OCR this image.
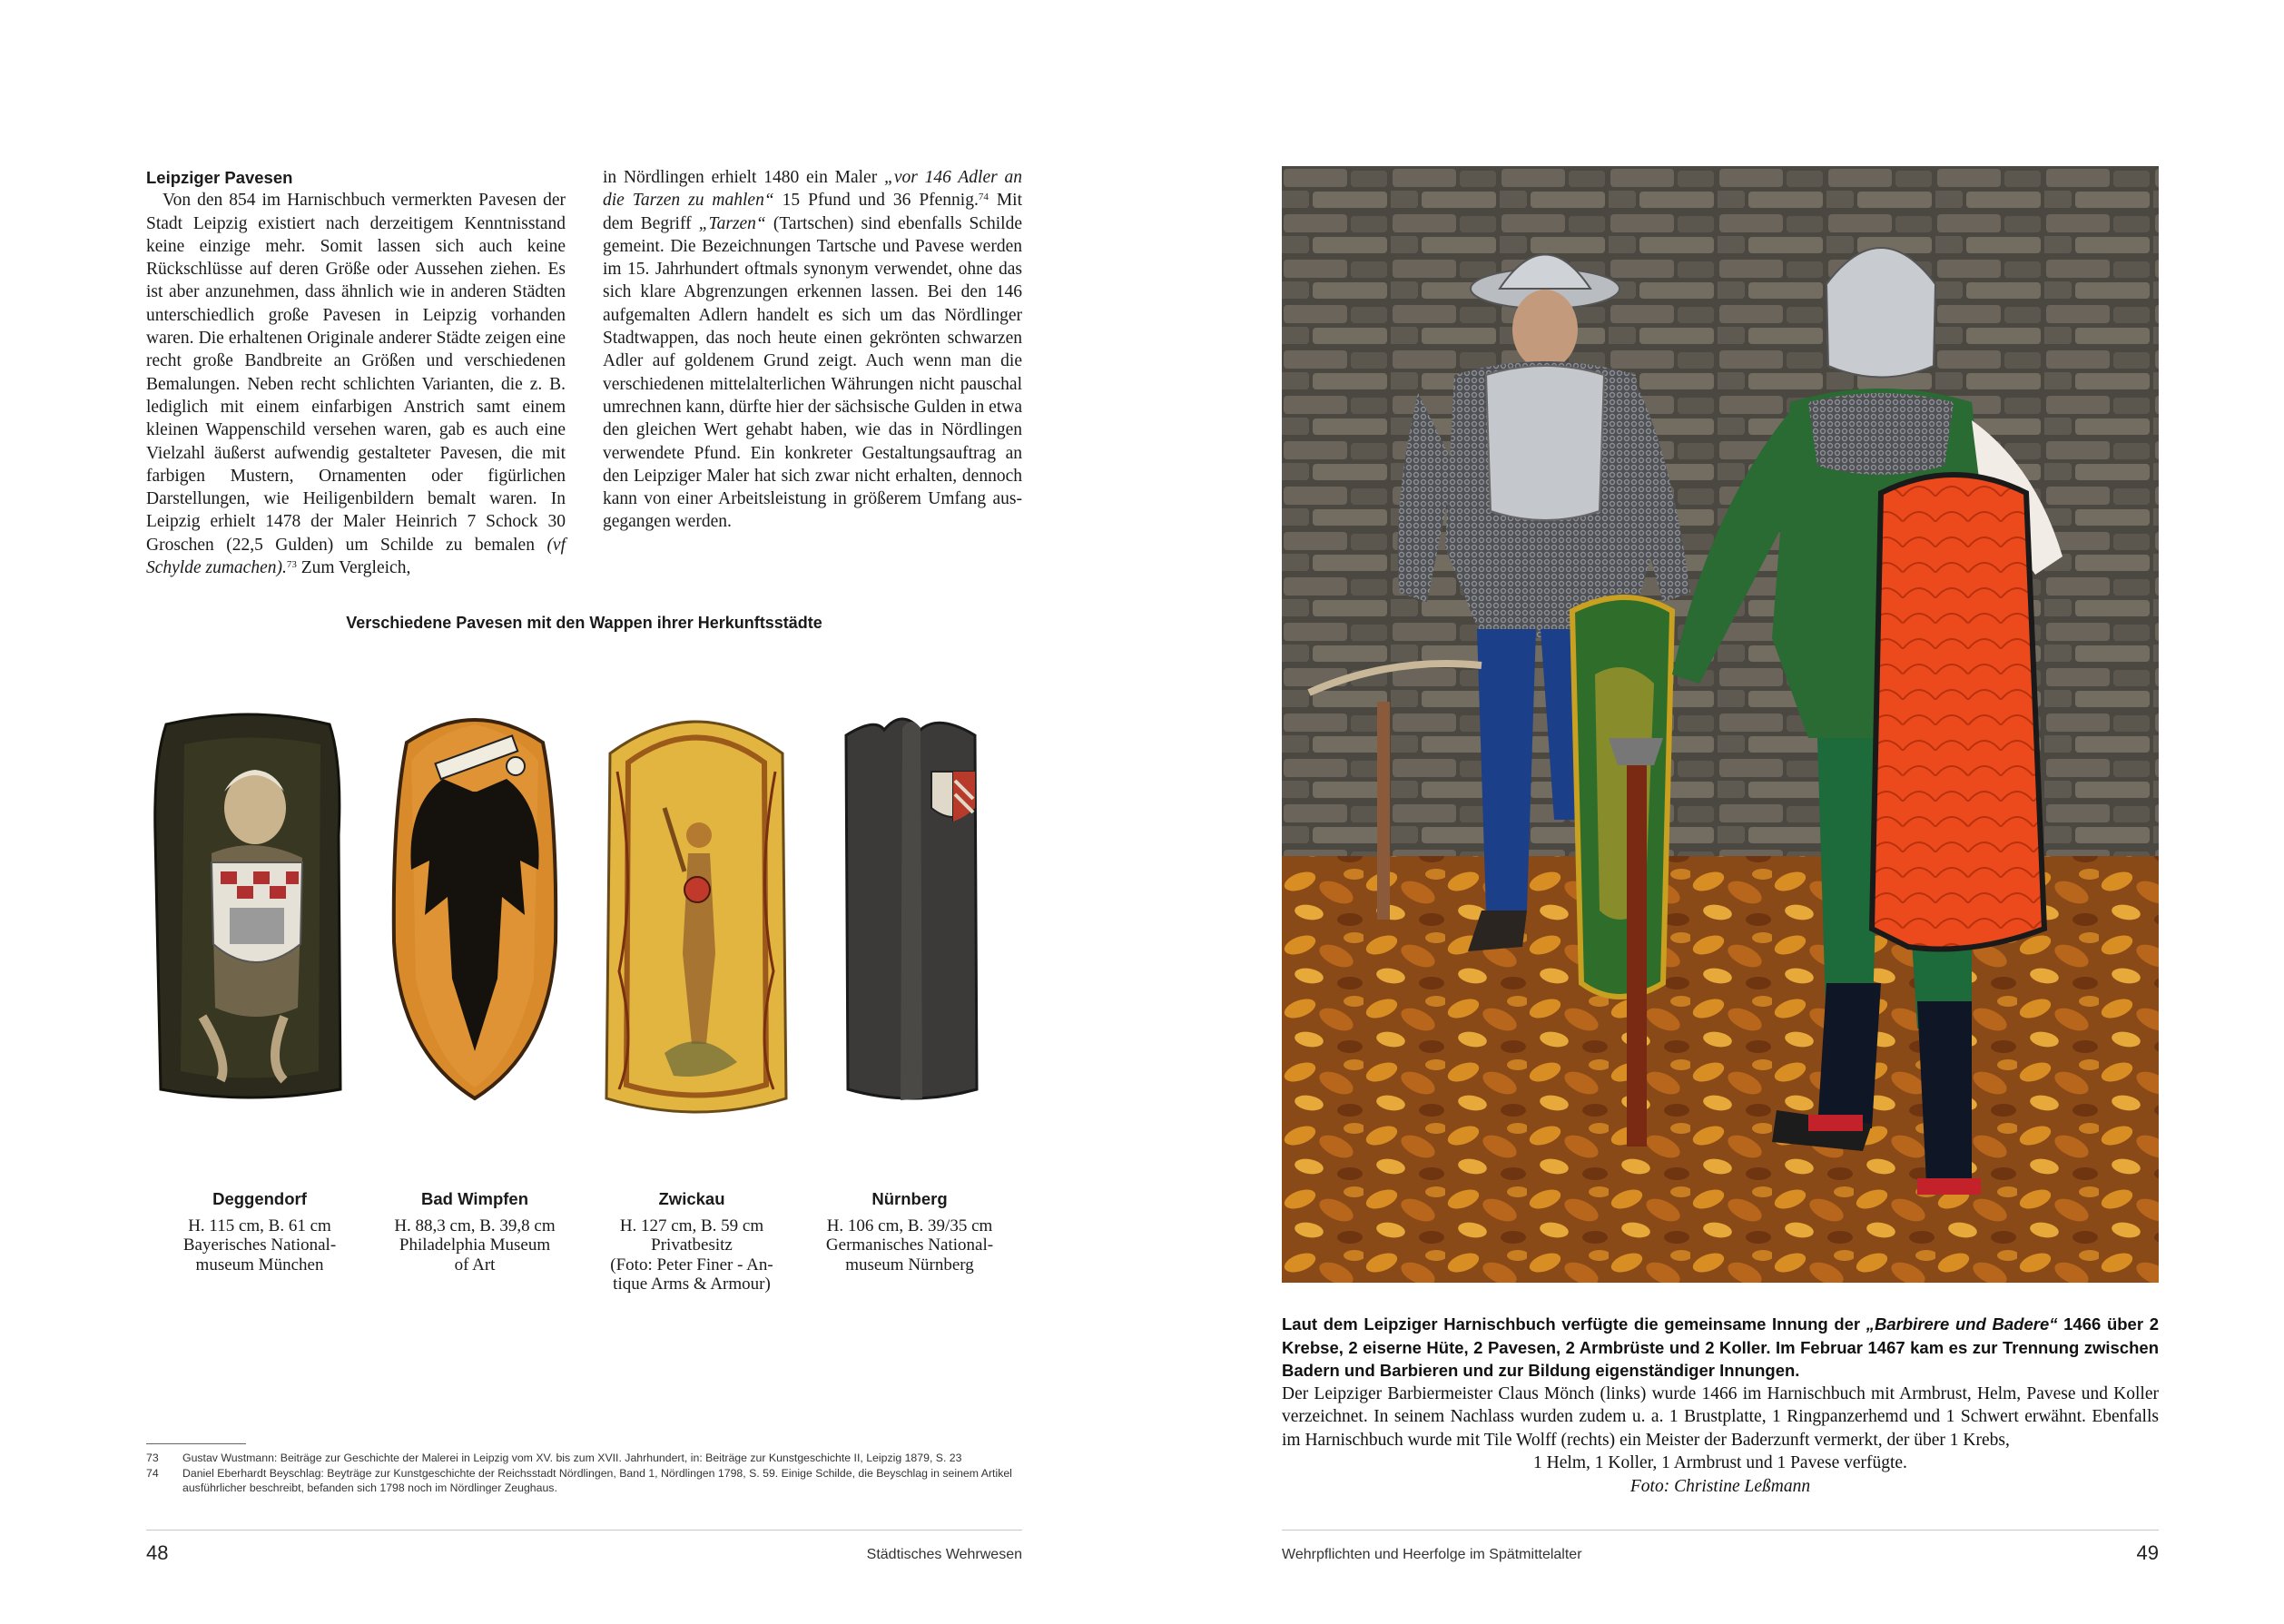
Leipziger Pavesen

Von den 854 im Harnischbuch vermerkten Pavesen der Stadt Leipzig existiert nach derzeitigem Kenntnisstand keine einzige mehr. Somit lassen sich auch keine Rückschlüsse auf deren Größe oder Aussehen ziehen. Es ist aber anzunehmen, dass ähnlich wie in anderen Städten unterschiedlich große Pavesen in Leipzig vorhanden waren. Die erhaltenen Originale anderer Städte zeigen eine recht große Bandbreite an Größen und verschiedenen Bemalungen. Neben recht schlichten Varianten, die z. B. lediglich mit einem einfarbigen Anstrich samt einem kleinen Wappenschild versehen waren, gab es auch eine Vielzahl äußerst aufwendig gestalteter Pavesen, die mit farbigen Mustern, Ornamenten oder figürlichen Darstellungen, wie Heiligenbildern bemalt waren. In Leipzig erhielt 1478 der Maler Heinrich 7 Schock 30 Groschen (22,5 Gulden) um Schilde zu bemalen (vf Schylde zumachen).$^{73}$ Zum Vergleich,

in Nördlingen erhielt 1480 ein Maler „vor 146 Adler an die Tarzen zu mahlen“ 15 Pfund und 36 Pfennig.$^{74}$ Mit dem Begriff „Tarzen“ (Tartschen) sind ebenfalls Schilde gemeint. Die Bezeichnungen Tartsche und Pavese werden im 15. Jahrhundert oftmals synonym verwendet, ohne das sich klare Abgrenzungen erkennen lassen. Bei den 146 aufgemalten Adlern handelt es sich um das Nördlinger Stadtwappen, das noch heute einen gekrönten schwarzen Adler auf goldenem Grund zeigt. Auch wenn man die verschiedenen mittelalterlichen Währungen nicht pauschal umrechnen kann, dürfte hier der sächsische Gulden in etwa den gleichen Wert gehabt haben, wie das in Nördlingen verwendete Pfund. Ein konkreter Gestaltungsauftrag an den Leipziger Maler hat sich zwar nicht erhalten, dennoch kann von einer Arbeitsleistung in größerem Umfang ausgegangen werden.

Verschiedene Pavesen mit den Wappen ihrer Herkunftsstädte
Deggendorf
H. 115 cm, B. 61 cm
Bayerisches National-
museum München
Bad Wimpfen
H. 88,3 cm, B. 39,8 cm
Philadelphia Museum
of Art
Zwickau
H. 127 cm, B. 59 cm
Privatbesitz
(Foto: Peter Finer - An-
tique Arms & Armour)
Nürnberg
H. 106 cm, B. 39/35 cm
Germanisches National-
museum Nürnberg
73	Gustav Wustmann: Beiträge zur Geschichte der Malerei in Leipzig vom XV. bis zum XVII. Jahrhundert, in: Beiträge zur Kunstgeschichte II, Leipzig 1879, S. 23
74	Daniel Eberhardt Beyschlag: Beyträge zur Kunstgeschichte der Reichsstadt Nördlingen, Band 1, Nördlingen 1798, S. 59. Einige Schilde, die Beyschlag in seinem Artikel ausführlicher beschreibt, befanden sich 1798 noch im Nördlinger Zeughaus.
48	Städtisches Wehrwesen
Laut dem Leipziger Harnischbuch verfügte die gemeinsame Innung der „Barbirere und Badere“ 1466 über 2 Krebse, 2 eiserne Hüte, 2 Pavesen, 2 Armbrüste und 2 Koller. Im Februar 1467 kam es zur Trennung zwischen Badern und Barbieren und zur Bildung eigenständiger Innungen.
Der Leipziger Barbiermeister Claus Mönch (links) wurde 1466 im Harnischbuch mit Armbrust, Helm, Pavese und Koller verzeichnet. In seinem Nachlass wurden zudem u. a. 1 Brustplatte, 1 Ringpanzerhemd und 1 Schwert erwähnt. Ebenfalls im Harnischbuch wurde mit Tile Wolff (rechts) ein Meister der Baderzunft vermerkt, der über 1 Krebs,
1 Helm, 1 Koller, 1 Armbrust und 1 Pavese verfügte.
Foto: Christine Leßmann
Wehrpflichten und Heerfolge im Spätmittelalter	49
